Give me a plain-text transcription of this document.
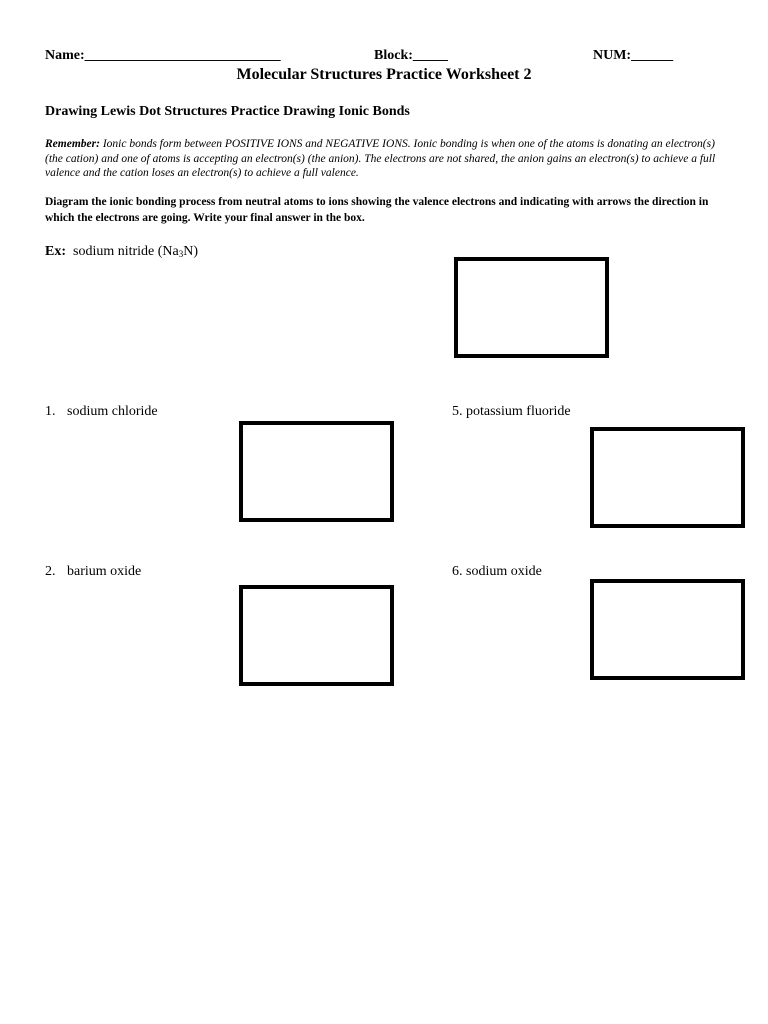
Name:____________________________	Block:_____	NUM:______
Molecular Structures Practice Worksheet 2
Drawing Lewis Dot Structures Practice Drawing Ionic Bonds
Remember: Ionic bonds form between POSITIVE IONS and NEGATIVE IONS. Ionic bonding is when one of the atoms is donating an electron(s) (the cation) and one of atoms is accepting an electron(s) (the anion). The electrons are not shared, the anion gains an electron(s) to achieve a full valence and the cation loses an electron(s) to achieve a full valence.
Diagram the ionic bonding process from neutral atoms to ions showing the valence electrons and indicating with arrows the direction in which the electrons are going. Write your final answer in the box.
Ex: sodium nitride $(Na_3N)$
1. sodium chloride	5. potassium fluoride
2. barium oxide	6. sodium oxide
